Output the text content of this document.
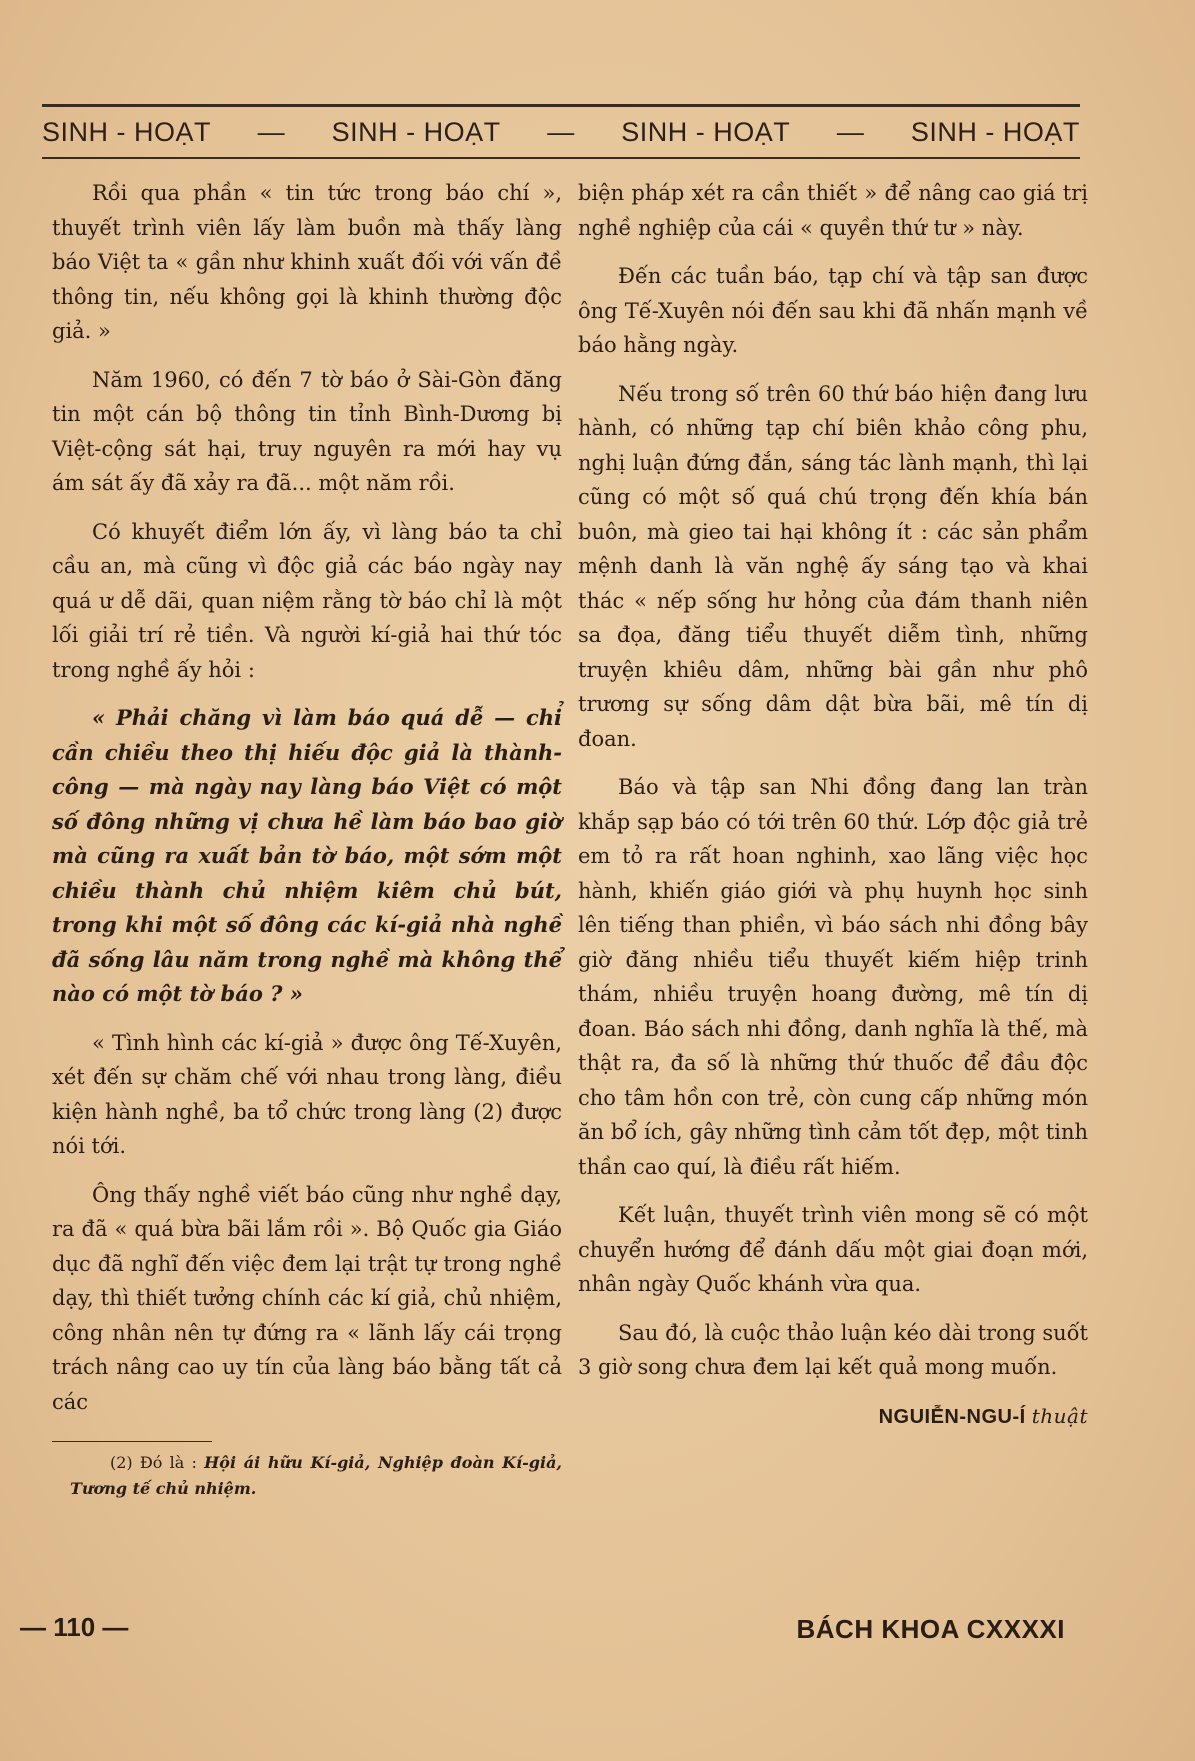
SINH - HOẠT — SINH - HOẠT — SINH - HOẠT — SINH - HOẠT

Rồi qua phần « tin tức trong báo chí », thuyết trình viên lấy làm buồn mà thấy làng báo Việt ta « gần như khinh xuất đối với vấn đề thông tin, nếu không gọi là khinh thường độc giả. »

Năm 1960, có đến 7 tờ báo ở Sài-Gòn đăng tin một cán bộ thông tin tỉnh Bình-Dương bị Việt-cộng sát hại, truy nguyên ra mới hay vụ ám sát ấy đã xảy ra đã... một năm rồi.

Có khuyết điểm lớn ấy, vì làng báo ta chỉ cầu an, mà cũng vì độc giả các báo ngày nay quá ư dễ dãi, quan niệm rằng tờ báo chỉ là một lối giải trí rẻ tiền. Và người kí-giả hai thứ tóc trong nghề ấy hỏi :

« Phải chăng vì làm báo quá dễ — chỉ cần chiều theo thị hiếu độc giả là thành-công — mà ngày nay làng báo Việt có một số đông những vị chưa hề làm báo bao giờ mà cũng ra xuất bản tờ báo, một sớm một chiều thành chủ nhiệm kiêm chủ bút, trong khi một số đông các kí-giả nhà nghề đã sống lâu năm trong nghề mà không thể nào có một tờ báo ? »

« Tình hình các kí-giả » được ông Tế-Xuyên, xét đến sự chăm chế với nhau trong làng, điều kiện hành nghề, ba tổ chức trong làng (2) được nói tới.

Ông thấy nghề viết báo cũng như nghề dạy, ra đã « quá bừa bãi lắm rồi ». Bộ Quốc gia Giáo dục đã nghĩ đến việc đem lại trật tự trong nghề dạy, thì thiết tưởng chính các kí giả, chủ nhiệm, công nhân nên tự đứng ra « lãnh lấy cái trọng trách nâng cao uy tín của làng báo bằng tất cả các

(2) Đó là : Hội ái hữu Kí-giả, Nghiệp đoàn Kí-giả, Tương tế chủ nhiệm.

biện pháp xét ra cần thiết » để nâng cao giá trị nghề nghiệp của cái « quyền thứ tư » này.

Đến các tuần báo, tạp chí và tập san được ông Tế-Xuyên nói đến sau khi đã nhấn mạnh về báo hằng ngày.

Nếu trong số trên 60 thứ báo hiện đang lưu hành, có những tạp chí biên khảo công phu, nghị luận đứng đắn, sáng tác lành mạnh, thì lại cũng có một số quá chú trọng đến khía bán buôn, mà gieo tai hại không ít : các sản phẩm mệnh danh là văn nghệ ấy sáng tạo và khai thác « nếp sống hư hỏng của đám thanh niên sa đọa, đăng tiểu thuyết diễm tình, những truyện khiêu dâm, những bài gần như phô trương sự sống dâm dật bừa bãi, mê tín dị đoan.

Báo và tập san Nhi đồng đang lan tràn khắp sạp báo có tới trên 60 thứ. Lớp độc giả trẻ em tỏ ra rất hoan nghinh, xao lãng việc học hành, khiến giáo giới và phụ huynh học sinh lên tiếng than phiền, vì báo sách nhi đồng bây giờ đăng nhiều tiểu thuyết kiếm hiệp trinh thám, nhiều truyện hoang đường, mê tín dị đoan. Báo sách nhi đồng, danh nghĩa là thế, mà thật ra, đa số là những thứ thuốc để đầu độc cho tâm hồn con trẻ, còn cung cấp những món ăn bổ ích, gây những tình cảm tốt đẹp, một tinh thần cao quí, là điều rất hiếm.

Kết luận, thuyết trình viên mong sẽ có một chuyển hướng để đánh dấu một giai đoạn mới, nhân ngày Quốc khánh vừa qua.

Sau đó, là cuộc thảo luận kéo dài trong suốt 3 giờ song chưa đem lại kết quả mong muốn.

NGUIỄN-NGU-Í thuật
— 110 —	BÁCH KHOA CXXXXI
